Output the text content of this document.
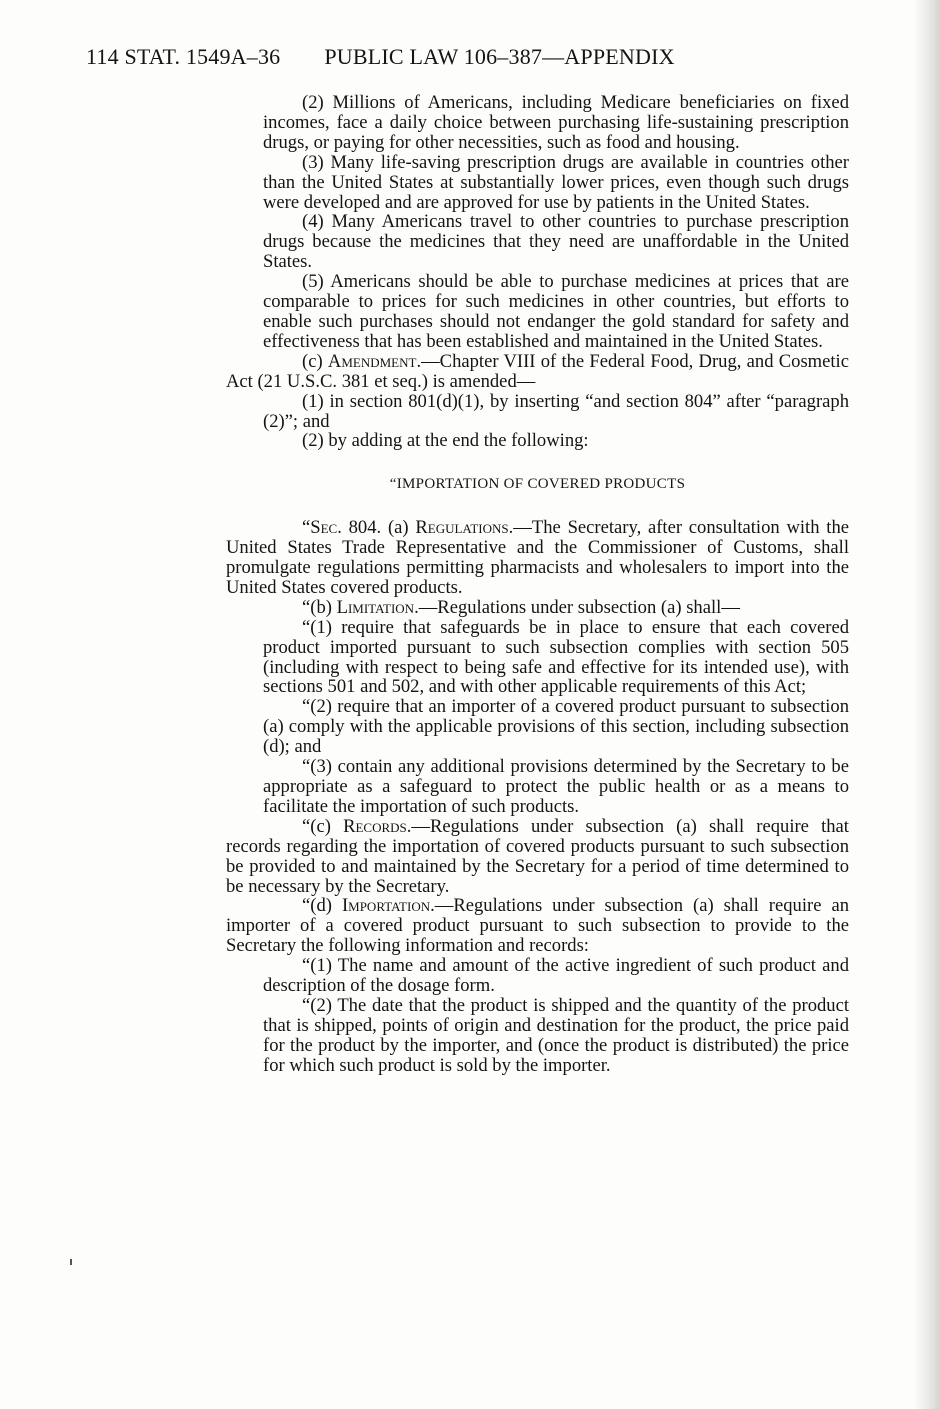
114 STAT. 1549A–36 PUBLIC LAW 106–387—APPENDIX

(2) Millions of Americans, including Medicare beneficiaries on fixed incomes, face a daily choice between purchasing life-sustaining prescription drugs, or paying for other necessities, such as food and housing.

(3) Many life-saving prescription drugs are available in countries other than the United States at substantially lower prices, even though such drugs were developed and are approved for use by patients in the United States.

(4) Many Americans travel to other countries to purchase prescription drugs because the medicines that they need are unaffordable in the United States.

(5) Americans should be able to purchase medicines at prices that are comparable to prices for such medicines in other countries, but efforts to enable such purchases should not endanger the gold standard for safety and effectiveness that has been established and maintained in the United States.

(c) Amendment.—Chapter VIII of the Federal Food, Drug, and Cosmetic Act (21 U.S.C. 381 et seq.) is amended—

(1) in section 801(d)(1), by inserting “and section 804” after “paragraph (2)”; and

(2) by adding at the end the following:

“IMPORTATION OF COVERED PRODUCTS

“Sec. 804. (a) Regulations.—The Secretary, after consultation with the United States Trade Representative and the Commissioner of Customs, shall promulgate regulations permitting pharmacists and wholesalers to import into the United States covered products.

“(b) Limitation.—Regulations under subsection (a) shall—

“(1) require that safeguards be in place to ensure that each covered product imported pursuant to such subsection complies with section 505 (including with respect to being safe and effective for its intended use), with sections 501 and 502, and with other applicable requirements of this Act;

“(2) require that an importer of a covered product pursuant to subsection (a) comply with the applicable provisions of this section, including subsection (d); and

“(3) contain any additional provisions determined by the Secretary to be appropriate as a safeguard to protect the public health or as a means to facilitate the importation of such products.

“(c) Records.—Regulations under subsection (a) shall require that records regarding the importation of covered products pursuant to such subsection be provided to and maintained by the Secretary for a period of time determined to be necessary by the Secretary.

“(d) Importation.—Regulations under subsection (a) shall require an importer of a covered product pursuant to such subsection to provide to the Secretary the following information and records:

“(1) The name and amount of the active ingredient of such product and description of the dosage form.

“(2) The date that the product is shipped and the quantity of the product that is shipped, points of origin and destination for the product, the price paid for the product by the importer, and (once the product is distributed) the price for which such product is sold by the importer.
